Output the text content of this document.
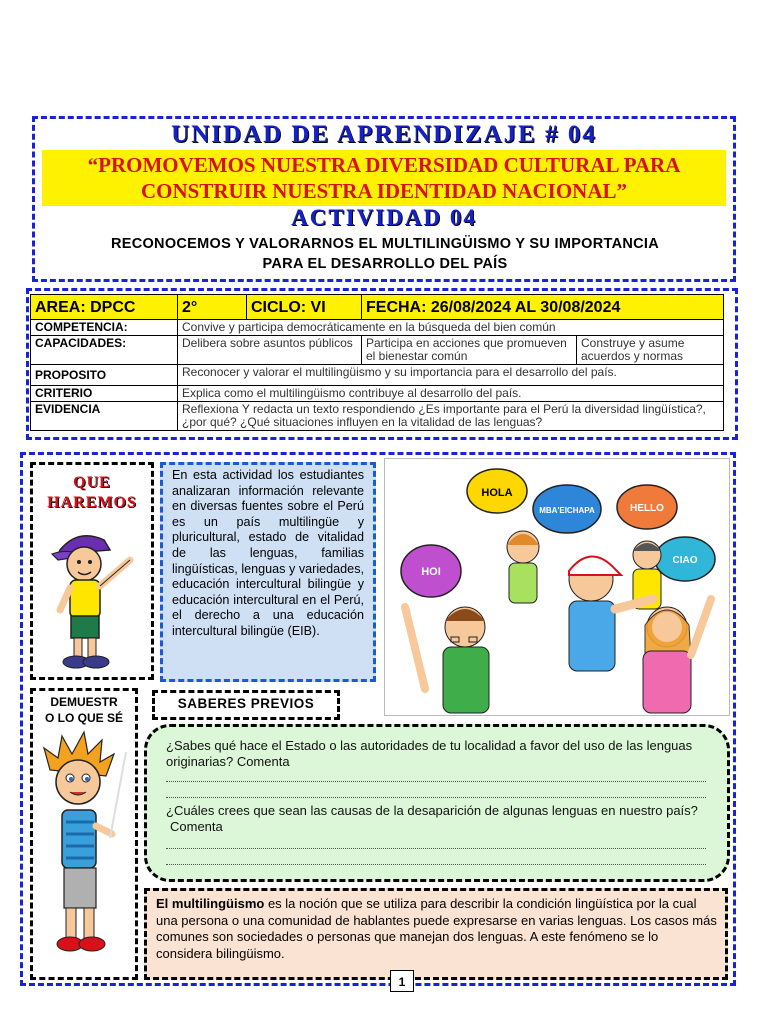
UNIDAD DE APRENDIZAJE # 04
“PROMOVEMOS NUESTRA DIVERSIDAD CULTURAL PARA
CONSTRUIR NUESTRA IDENTIDAD NACIONAL”
ACTIVIDAD 04
RECONOCEMOS Y VALORARNOS EL MULTILINGÜISMO Y SU IMPORTANCIA
PARA EL DESARROLLO DEL PAÍS
AREA: DPCC	2°	CICLO: VI	FECHA: 26/08/2024 AL 30/08/2024	
COMPETENCIA:	Convive y participa democráticamente en la búsqueda del bien común			
CAPACIDADES:	Delibera sobre asuntos públicos		Participa en acciones que promueven el bienestar común	Construye y asume acuerdos y normas
PROPOSITO	Reconocer y valorar el multilingüismo y su importancia para el desarrollo del país.			
CRITERIO	Explica como el multilingüismo contribuye al desarrollo del país.			
EVIDENCIA	Reflexiona Y redacta un texto respondiendo ¿Es importante para el Perú la diversidad lingüística?, ¿por qué? ¿Qué situaciones influyen en la vitalidad de las lenguas?			
QUE
HAREMOS
En esta actividad los estudiantes analizaran información relevante en diversas fuentes sobre el Perú es un país multilingüe y pluricultural, estado de vitalidad de las lenguas, familias lingüísticas, lenguas y variedades, educación intercultural bilingüe y educación intercultural en el Perú, el derecho a una educación intercultural bilingüe (EIB).
HOLA
MBA'EICHAPA	HELLO
HOI
CIAO
DEMUESTR
O LO QUE SÉ
SABERES PREVIOS
¿Sabes qué hace el Estado o las autoridades de tu localidad a favor del uso de las lenguas originarias? Comenta
¿Cuáles crees que sean las causas de la desaparición de algunas lenguas en nuestro país?
Comenta
El multilingüismo es la noción que se utiliza para describir la condición lingüística por la cual una persona o una comunidad de hablantes puede expresarse en varias lenguas. Los casos más comunes son sociedades o personas que manejan dos lenguas. A este fenómeno se lo considera bilingüismo.
1
